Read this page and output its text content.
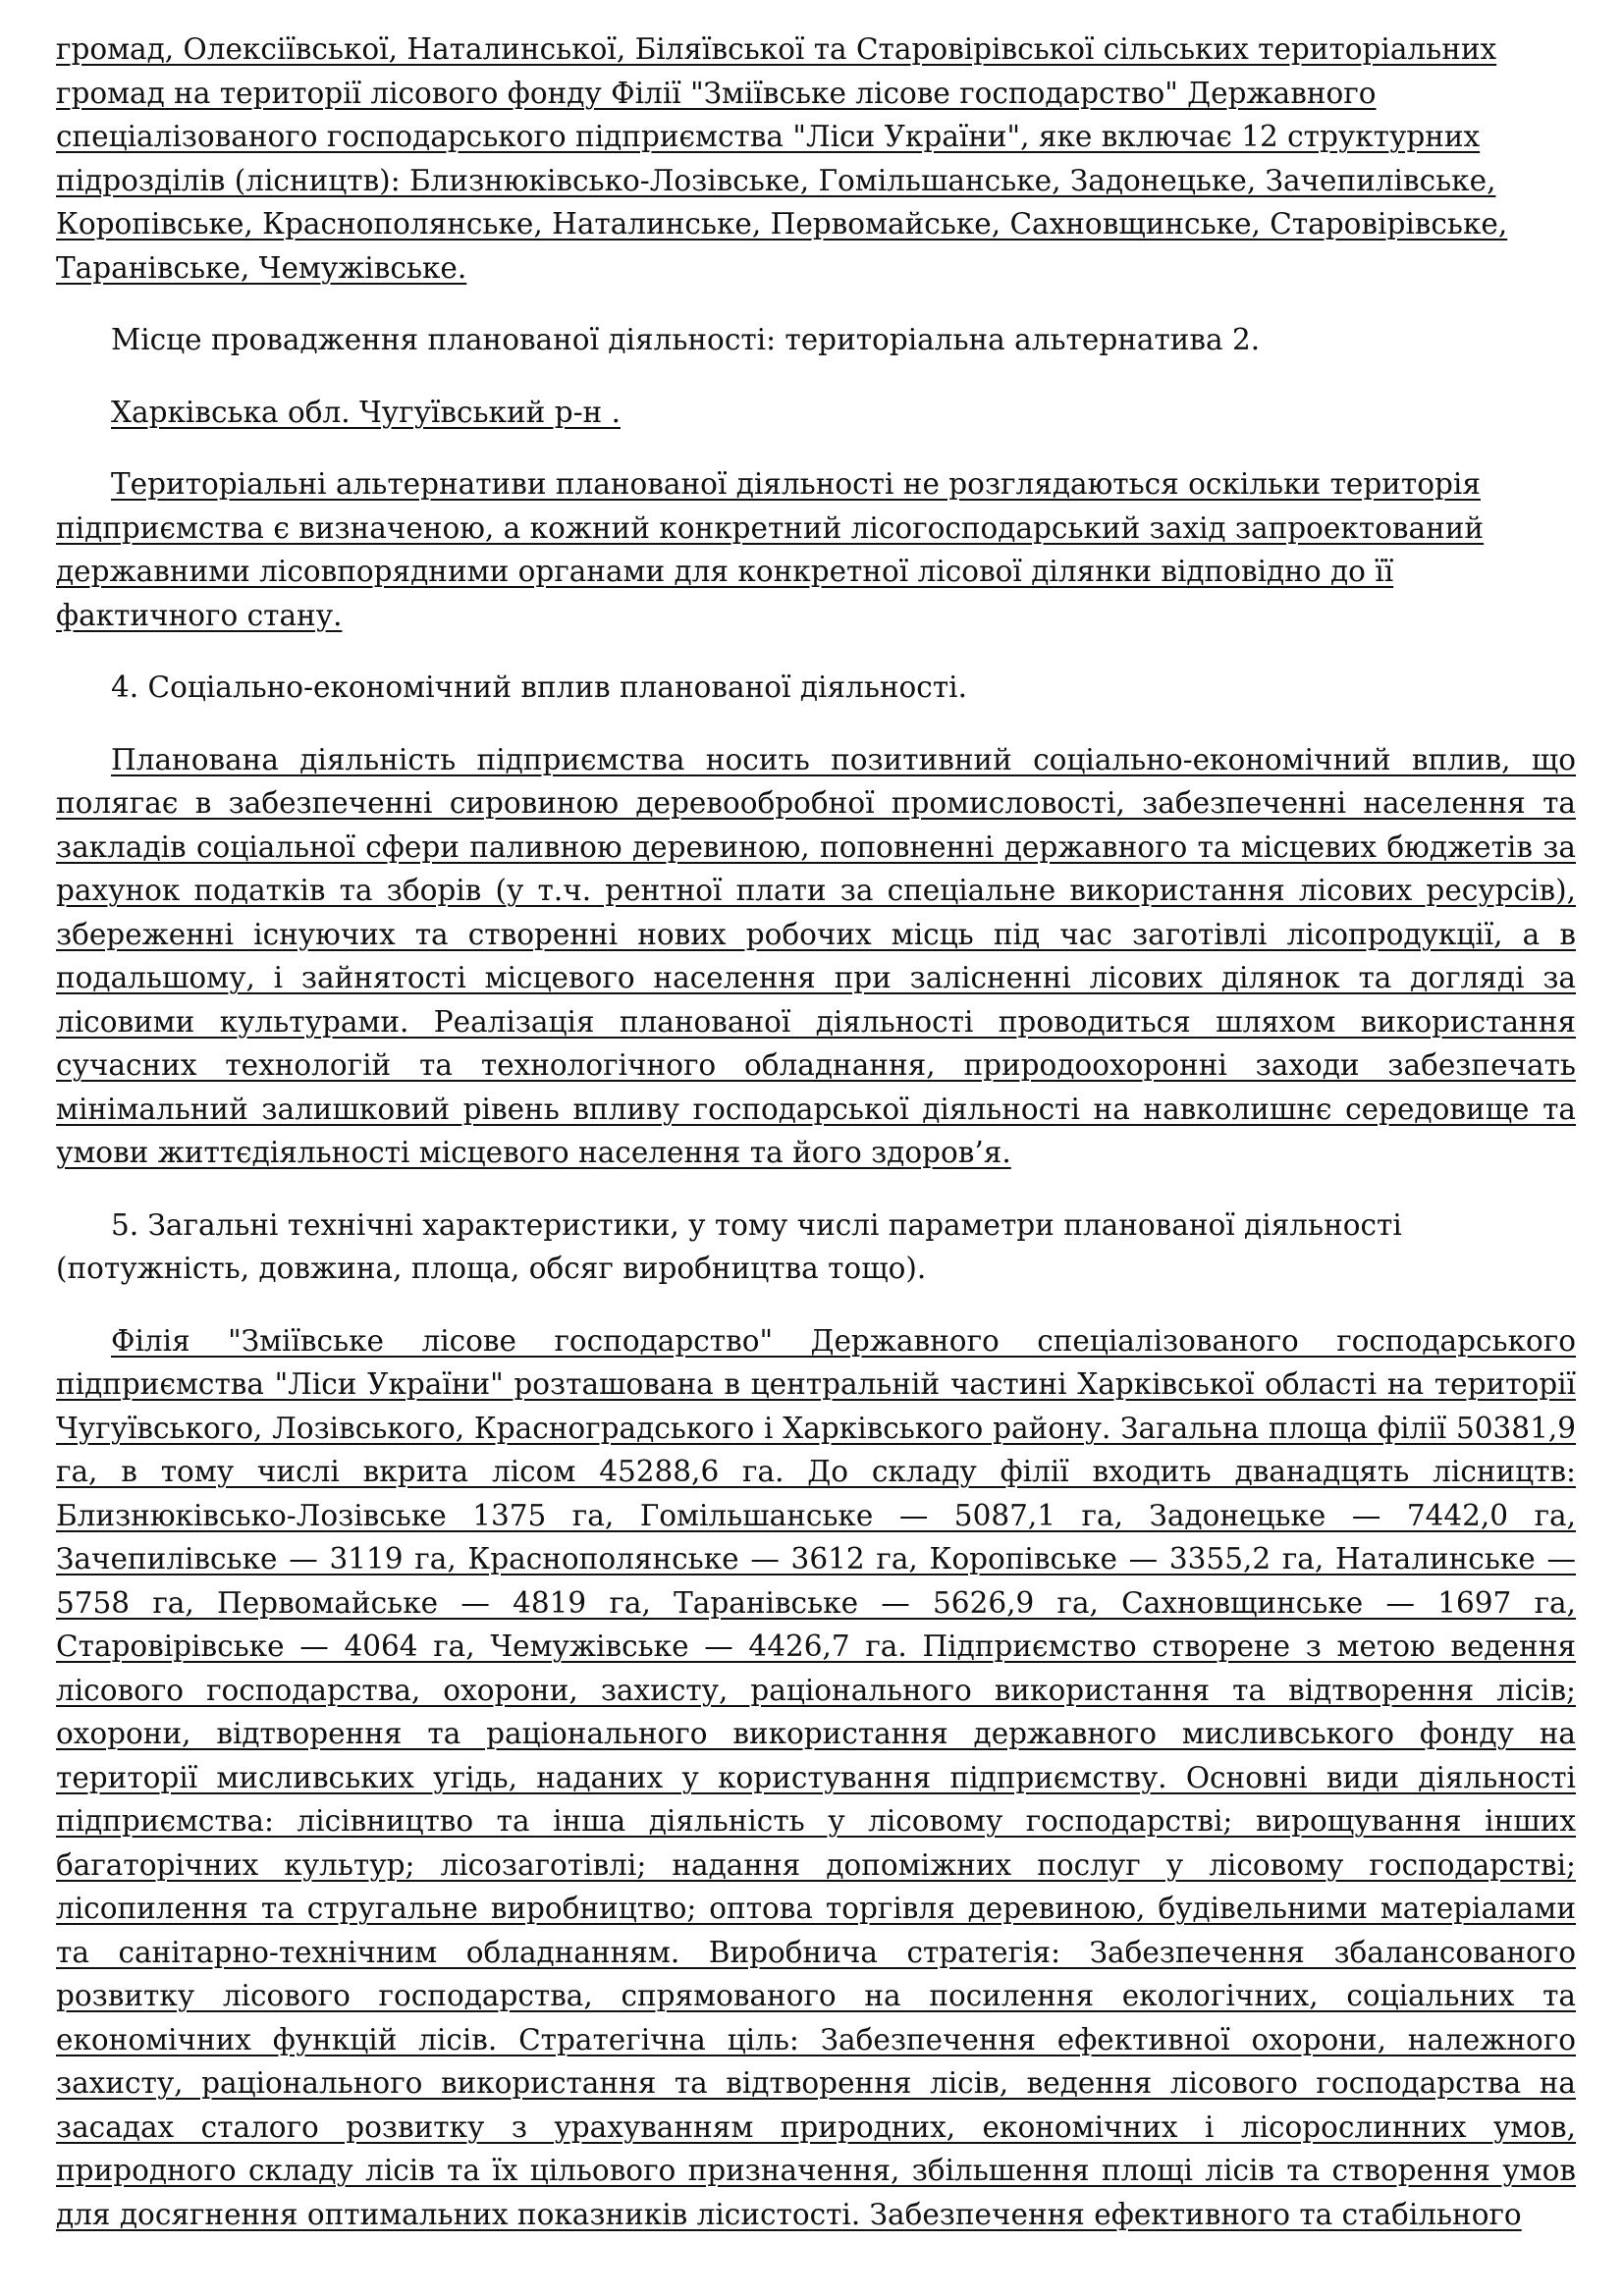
громад, Олексіївської, Наталинської, Біляївської та Старовірівської сільських територіальних громад на території лісового фонду Філії "Зміївське лісове господарство" Державного спеціалізованого господарського підприємства "Ліси України", яке включає 12 структурних підрозділів (лісництв): Близнюківсько-Лозівське, Гомільшанське, Задонецьке, Зачепилівське, Коропівське, Краснополянське, Наталинське, Первомайське, Сахновщинське, Старовірівське, Таранівське, Чемужівське.

Місце провадження планованої діяльності: територіальна альтернатива 2.

Харківська обл. Чугуївський р-н .

Територіальні альтернативи планованої діяльності не розглядаються оскільки територія підприємства є визначеною, а кожний конкретний лісогосподарський захід запроектований державними лісовпорядними органами для конкретної лісової ділянки відповідно до її фактичного стану.

4. Соціально-економічний вплив планованої діяльності.

Планована діяльність підприємства носить позитивний соціально-економічний вплив, що полягає в забезпеченні сировиною деревообробної промисловості, забезпеченні населення та закладів соціальної сфери паливною деревиною, поповненні державного та місцевих бюджетів за рахунок податків та зборів (у т.ч. рентної плати за спеціальне використання лісових ресурсів), збереженні існуючих та створенні нових робочих місць під час заготівлі лісопродукції, а в подальшому, і зайнятості місцевого населення при залісненні лісових ділянок та догляді за лісовими культурами. Реалізація планованої діяльності проводиться шляхом використання сучасних технологій та технологічного обладнання, природоохоронні заходи забезпечать мінімальний залишковий рівень впливу господарської діяльності на навколишнє середовище та умови життєдіяльності місцевого населення та його здоров’я.

5. Загальні технічні характеристики, у тому числі параметри планованої діяльності (потужність, довжина, площа, обсяг виробництва тощо).

Філія "Зміївське лісове господарство" Державного спеціалізованого господарського підприємства "Ліси України" розташована в центральній частині Харківської області на території Чугуївського, Лозівського, Красноградського і Харківського району. Загальна площа філії 50381,9 га, в тому числі вкрита лісом 45288,6 га. До складу філії входить дванадцять лісництв: Близнюківсько-Лозівське 1375 га, Гомільшанське — 5087,1 га, Задонецьке — 7442,0 га, Зачепилівське — 3119 га, Краснополянське — 3612 га, Коропівське — 3355,2 га, Наталинське — 5758 га, Первомайське — 4819 га, Таранівське — 5626,9 га, Сахновщинське — 1697 га, Старовірівське — 4064 га, Чемужівське — 4426,7 га. Підприємство створене з метою ведення лісового господарства, охорони, захисту, раціонального використання та відтворення лісів; охорони, відтворення та раціонального використання державного мисливського фонду на території мисливських угідь, наданих у користування підприємству. Основні види діяльності підприємства: лісівництво та інша діяльність у лісовому господарстві; вирощування інших багаторічних культур; лісозаготівлі; надання допоміжних послуг у лісовому господарстві; лісопилення та стругальне виробництво; оптова торгівля деревиною, будівельними матеріалами та санітарно-технічним обладнанням. Виробнича стратегія: Забезпечення збалансованого розвитку лісового господарства, спрямованого на посилення екологічних, соціальних та економічних функцій лісів. Стратегічна ціль: Забезпечення ефективної охорони, належного захисту, раціонального використання та відтворення лісів, ведення лісового господарства на засадах сталого розвитку з урахуванням природних, економічних і лісорослинних умов, природного складу лісів та їх цільового призначення, збільшення площі лісів та створення умов для досягнення оптимальних показників лісистості. Забезпечення ефективного та стабільного
